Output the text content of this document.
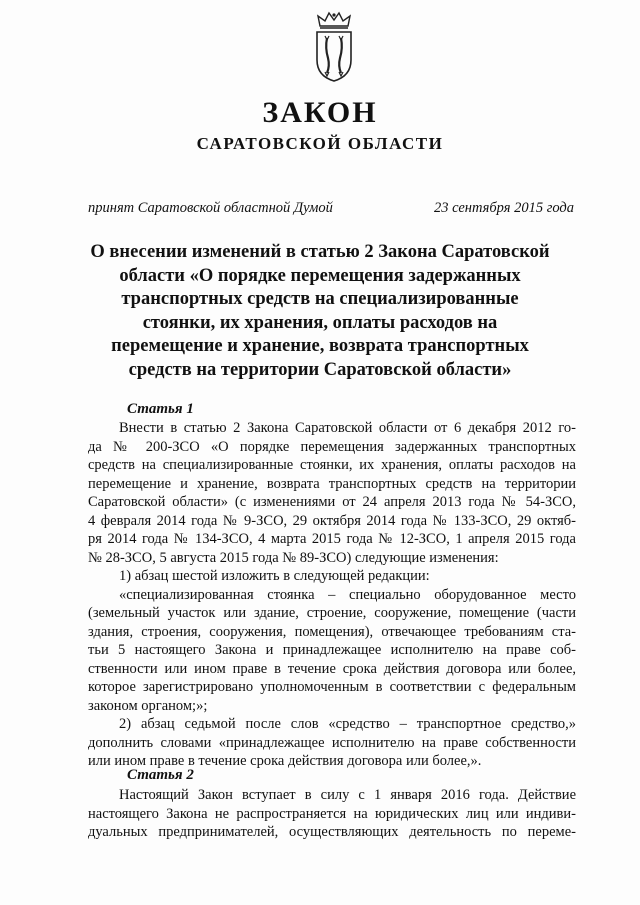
ЗАКОН
САРАТОВСКОЙ ОБЛАСТИ
принят Саратовской областной Думой	23 сентября 2015 года
О внесении изменений в статью 2 Закона Саратовской
области «О порядке перемещения задержанных
транспортных средств на специализированные
стоянки, их хранения, оплаты расходов на
перемещение и хранение, возврата транспортных
средств на территории Саратовской области»
Статья 1
Внести в статью 2 Закона Саратовской области от 6 декабря 2012 го-
да № 200-ЗСО «О порядке перемещения задержанных транспортных
средств на специализированные стоянки, их хранения, оплаты расходов на
перемещение и хранение, возврата транспортных средств на территории
Саратовской области» (с изменениями от 24 апреля 2013 года № 54-ЗСО,
4 февраля 2014 года № 9-ЗСО, 29 октября 2014 года № 133-ЗСО, 29 октяб-
ря 2014 года № 134-ЗСО, 4 марта 2015 года № 12-ЗСО, 1 апреля 2015 года
№ 28-ЗСО, 5 августа 2015 года № 89-ЗСО) следующие изменения:
1) абзац шестой изложить в следующей редакции:
«специализированная стоянка – специально оборудованное место
(земельный участок или здание, строение, сооружение, помещение (части
здания, строения, сооружения, помещения), отвечающее требованиям ста-
тьи 5 настоящего Закона и принадлежащее исполнителю на праве соб-
ственности или ином праве в течение срока действия договора или более,
которое зарегистрировано уполномоченным в соответствии с федеральным
законом органом;»;
2) абзац седьмой после слов «средство – транспортное средство,»
дополнить словами «принадлежащее исполнителю на праве собственности
или ином праве в течение срока действия договора или более,».
Статья 2
Настоящий Закон вступает в силу с 1 января 2016 года. Действие
настоящего Закона не распространяется на юридических лиц или индиви-
дуальных предпринимателей, осуществляющих деятельность по переме-
